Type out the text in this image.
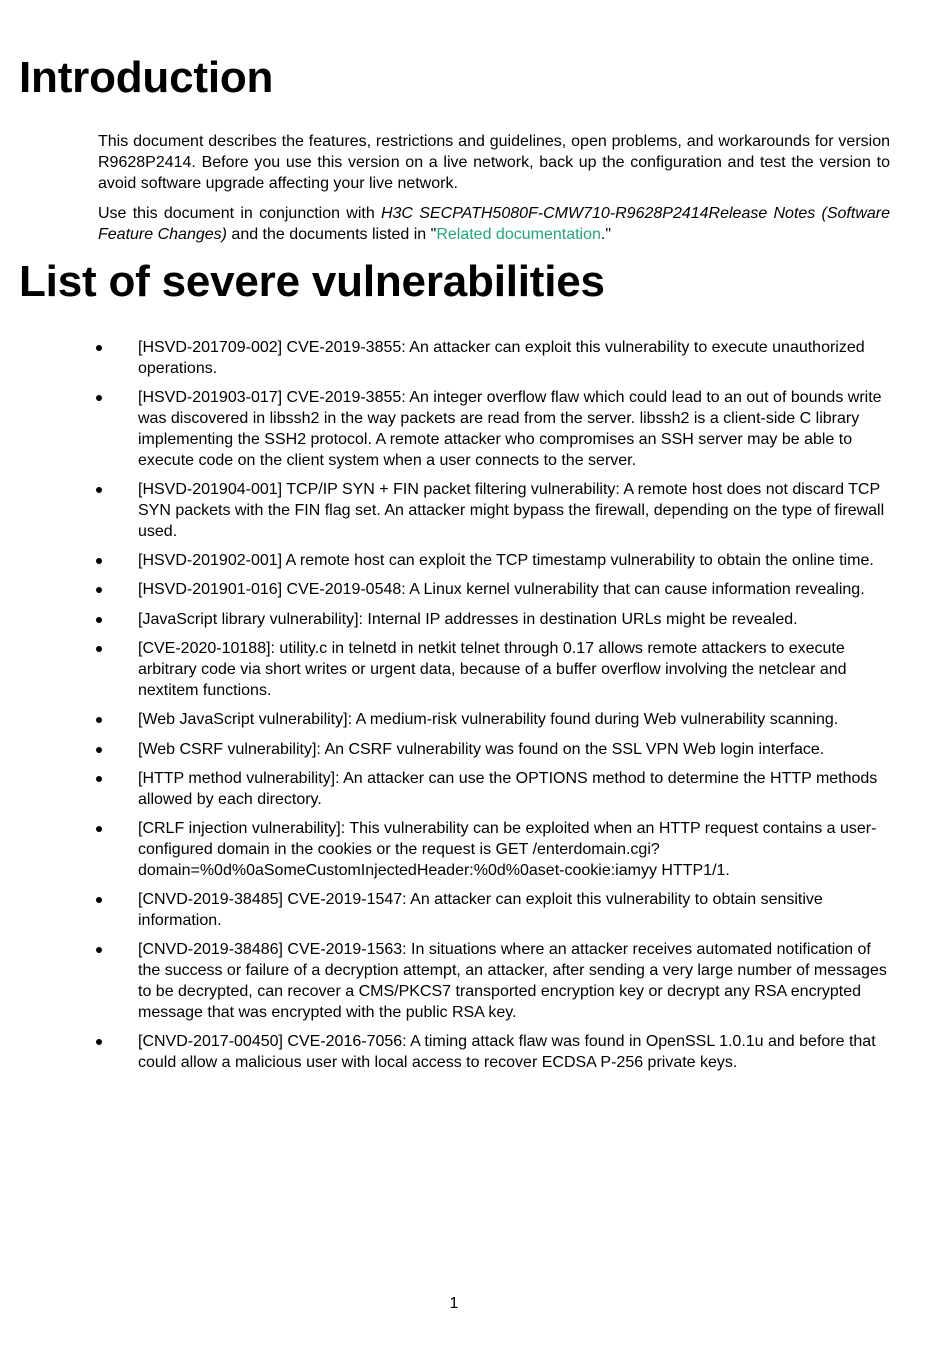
Introduction

This document describes the features, restrictions and guidelines, open problems, and workarounds for version R9628P2414. Before you use this version on a live network, back up the configuration and test the version to avoid software upgrade affecting your live network.

Use this document in conjunction with H3C SECPATH5080F-CMW710-R9628P2414Release Notes (Software Feature Changes) and the documents listed in "Related documentation."

List of severe vulnerabilities
[HSVD-201709-002] CVE-2019-3855: An attacker can exploit this vulnerability to execute unauthorized operations.
[HSVD-201903-017] CVE-2019-3855: An integer overflow flaw which could lead to an out of bounds write was discovered in libssh2 in the way packets are read from the server. libssh2 is a client-side C library implementing the SSH2 protocol. A remote attacker who compromises an SSH server may be able to execute code on the client system when a user connects to the server.
[HSVD-201904-001] TCP/IP SYN + FIN packet filtering vulnerability: A remote host does not discard TCP SYN packets with the FIN flag set. An attacker might bypass the firewall, depending on the type of firewall used.
[HSVD-201902-001] A remote host can exploit the TCP timestamp vulnerability to obtain the online time.
[HSVD-201901-016] CVE-2019-0548: A Linux kernel vulnerability that can cause information revealing.
[JavaScript library vulnerability]: Internal IP addresses in destination URLs might be revealed.
[CVE-2020-10188]: utility.c in telnetd in netkit telnet through 0.17 allows remote attackers to execute arbitrary code via short writes or urgent data, because of a buffer overflow involving the netclear and nextitem functions.
[Web JavaScript vulnerability]: A medium-risk vulnerability found during Web vulnerability scanning.
[Web CSRF vulnerability]: An CSRF vulnerability was found on the SSL VPN Web login interface.
[HTTP method vulnerability]: An attacker can use the OPTIONS method to determine the HTTP methods allowed by each directory.
[CRLF injection vulnerability]: This vulnerability can be exploited when an HTTP request contains a user-configured domain in the cookies or the request is GET /enterdomain.cgi?domain=%0d%0aSomeCustomInjectedHeader:%0d%0aset-cookie:iamyy HTTP1/1.
[CNVD-2019-38485] CVE-2019-1547: An attacker can exploit this vulnerability to obtain sensitive information.
[CNVD-2019-38486] CVE-2019-1563: In situations where an attacker receives automated notification of the success or failure of a decryption attempt, an attacker, after sending a very large number of messages to be decrypted, can recover a CMS/PKCS7 transported encryption key or decrypt any RSA encrypted message that was encrypted with the public RSA key.
[CNVD-2017-00450] CVE-2016-7056: A timing attack flaw was found in OpenSSL 1.0.1u and before that could allow a malicious user with local access to recover ECDSA P-256 private keys.
1
